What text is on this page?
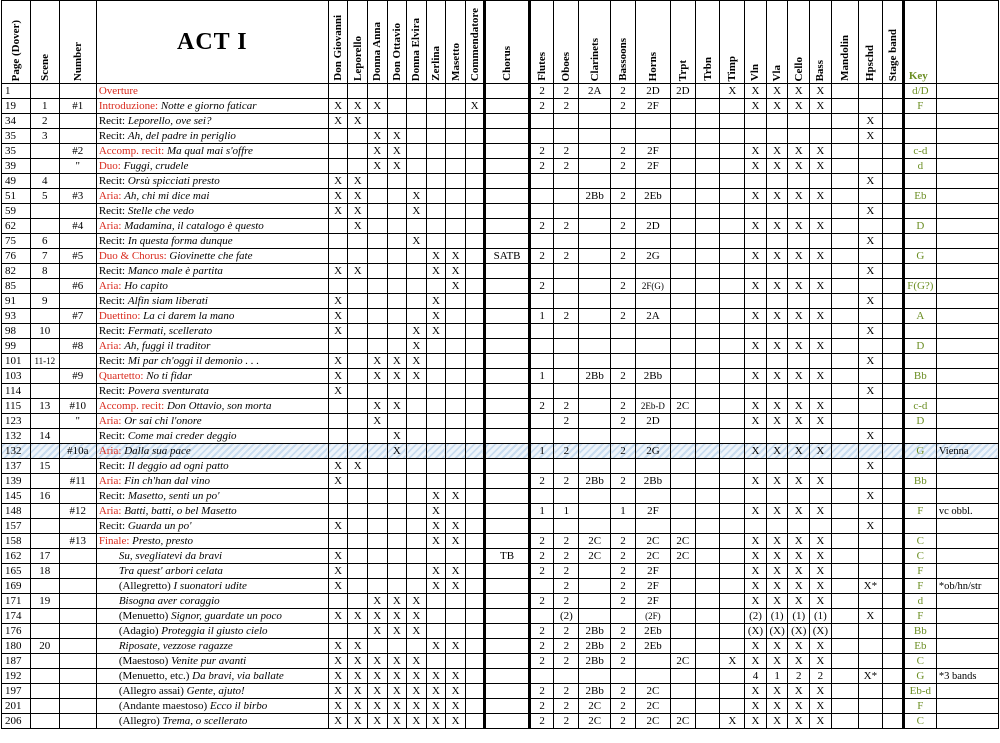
Page (Dover)	Scene	Number	ACT I	Don Giovanni	Leporello	Donna Anna	Don Ottavio	Donna Elvira	Zerlina	Masetto	Commendatore	Chorus	Flutes	Oboes	Clarinets	Bassoons	Horns	Trpt	Trbn	Timp	Vln	Vla	Cello	Bass	Mandolin	Hpschd	Stage band	Key	
1			Overture										2	2	2A	2	2D	2D		X	X	X	X	X				d/D	
19	1	#1	Introduzione: Notte e giorno faticar	X	X	X					X		2	2		2	2F				X	X	X	X				F	
34	2		Recit: Leporello, ove sei?	X	X																					X			
35	3		Recit: Ah, del padre in periglio			X	X																			X			
35		#2	Accomp. recit: Ma qual mai s'offre			X	X						2	2		2	2F				X	X	X	X				c-d	
39		"	Duo: Fuggi, crudele			X	X						2	2		2	2F				X	X	X	X				d	
49	4		Recit: Orsù spicciati presto	X	X																					X			
51	5	#3	Aria: Ah, chi mi dice mai	X	X			X							2Bb	2	2Eb				X	X	X	X				Eb	
59			Recit: Stelle che vedo	X	X			X																		X			
62		#4	Aria: Madamina, il catalogo è questo		X								2	2		2	2D				X	X	X	X				D	
75	6		Recit: In questa forma dunque					X																		X			
76	7	#5	Duo & Chorus: Giovinette che fate						X	X		SATB	2	2		2	2G				X	X	X	X				G	
82	8		Recit: Manco male è partita	X	X				X	X																X			
85		#6	Aria: Ho capito							X			2			2	2F(G)				X	X	X	X				F(G?)	
91	9		Recit: Alfin siam liberati	X					X																	X			
93		#7	Duettino: La ci darem la mano	X					X				1	2		2	2A				X	X	X	X				A	
98	10		Recit: Fermati, scellerato	X				X	X																	X			
99		#8	Aria: Ah, fuggi il traditor					X													X	X	X	X				D	
101	11-12		Recit: Mi par ch'oggi il demonio . . .	X		X	X	X																		X			
103		#9	Quartetto: No ti fidar	X		X	X	X					1		2Bb	2	2Bb				X	X	X	X				Bb	
114			Recit: Povera sventurata	X																						X			
115	13	#10	Accomp. recit: Don Ottavio, son morta			X	X						2	2		2	2Eb-D	2C			X	X	X	X				c-d	
123		"	Aria: Or sai chi l'onore			X								2		2	2D				X	X	X	X				D	
132	14		Recit: Come mai creder deggio				X																			X			
132		#10a	Aria: Dalla sua pace				X						1	2		2	2G				X	X	X	X				G	Vienna
137	15		Recit: Il deggio ad ogni patto	X	X																					X			
139		#11	Aria: Fin ch'han dal vino	X									2	2	2Bb	2	2Bb				X	X	X	X				Bb	
145	16		Recit: Masetto, senti un po'						X	X																X			
148		#12	Aria: Batti, batti, o bel Masetto						X				1	1		1	2F				X	X	X	X				F	vc obbl.
157			Recit: Guarda un po'	X					X	X																X			
158		#13	Finale: Presto, presto						X	X			2	2	2C	2	2C	2C			X	X	X	X				C	
162	17		Su, svegliatevi da bravi	X								TB	2	2	2C	2	2C	2C			X	X	X	X				C	
165	18		Tra quest' arbori celata	X					X	X			2	2		2	2F				X	X	X	X				F	
169			(Allegretto) I suonatori udite	X					X	X				2		2	2F				X	X	X	X		X*		F	*ob/hn/str
171	19		Bisogna aver coraggio			X	X	X					2	2		2	2F				X	X	X	X				d	
174			(Menuetto) Signor, guardate un poco	X	X	X	X	X						(2)			(2F)				(2)	(1)	(1)	(1)		X		F	
176			(Adagio) Proteggia il giusto cielo			X	X	X					2	2	2Bb	2	2Eb				(X)	(X)	(X)	(X)				Bb	
180	20		Riposate, vezzose ragazze	X	X				X	X			2	2	2Bb	2	2Eb				X	X	X	X				Eb	
187			(Maestoso) Venite pur avanti	X	X	X	X	X					2	2	2Bb	2		2C		X	X	X	X	X				C	
192			(Menuetto, etc.) Da bravi, via ballate	X	X	X	X	X	X	X											4	1	2	2		X*		G	*3 bands
197			(Allegro assai) Gente, ajuto!	X	X	X	X	X	X	X			2	2	2Bb	2	2C				X	X	X	X				Eb-d	
201			(Andante maestoso) Ecco il birbo	X	X	X	X	X	X	X			2	2	2C	2	2C				X	X	X	X				F	
206			(Allegro) Trema, o scellerato	X	X	X	X	X	X	X			2	2	2C	2	2C	2C		X	X	X	X	X				C	
